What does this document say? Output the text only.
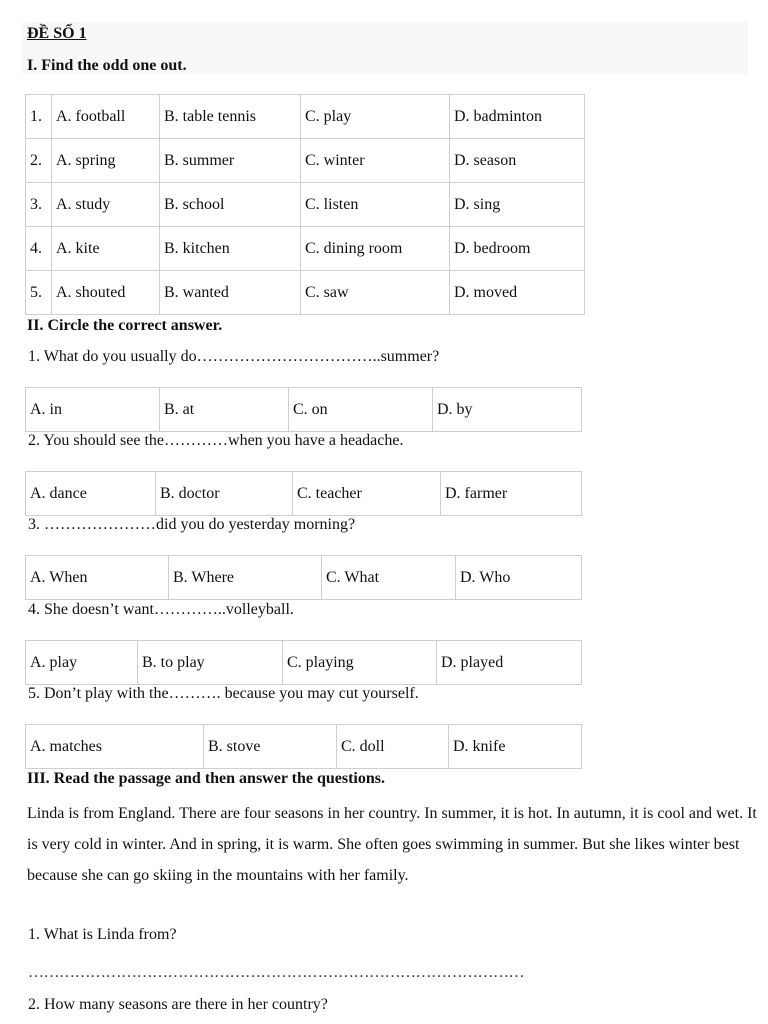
ĐỀ SỐ 1
I. Find the odd one out.
1.	A. football	B. table tennis	C. play	D. badminton
2.	A. spring	B. summer	C. winter	D. season
3.	A. study	B. school	C. listen	D. sing
4.	A. kite	B. kitchen	C. dining room	D. bedroom
5.	A. shouted	B. wanted	C. saw	D. moved
II. Circle the correct answer.
1. What do you usually do……………………………..summer?
A. in	B. at	C. on	D. by
2. You should see the…………when you have a headache.
A. dance	B. doctor	C. teacher	D. farmer
3. …………………did you do yesterday morning?
A. When	B. Where	C. What	D. Who
4. She doesn’t want…………..volleyball.
A. play	B. to play	C. playing	D. played
5. Don’t play with the………. because you may cut yourself.
A. matches	B. stove	C. doll	D. knife
III. Read the passage and then answer the questions.
Linda is from England. There are four seasons in her country. In summer, it is hot. In autumn, it is cool and wet. It is very cold in winter. And in spring, it is warm. She often goes swimming in summer. But she likes winter best because she can go skiing in the mountains with her family.
1. What is Linda from?
……………………………………………………………………………………
2. How many seasons are there in her country?
